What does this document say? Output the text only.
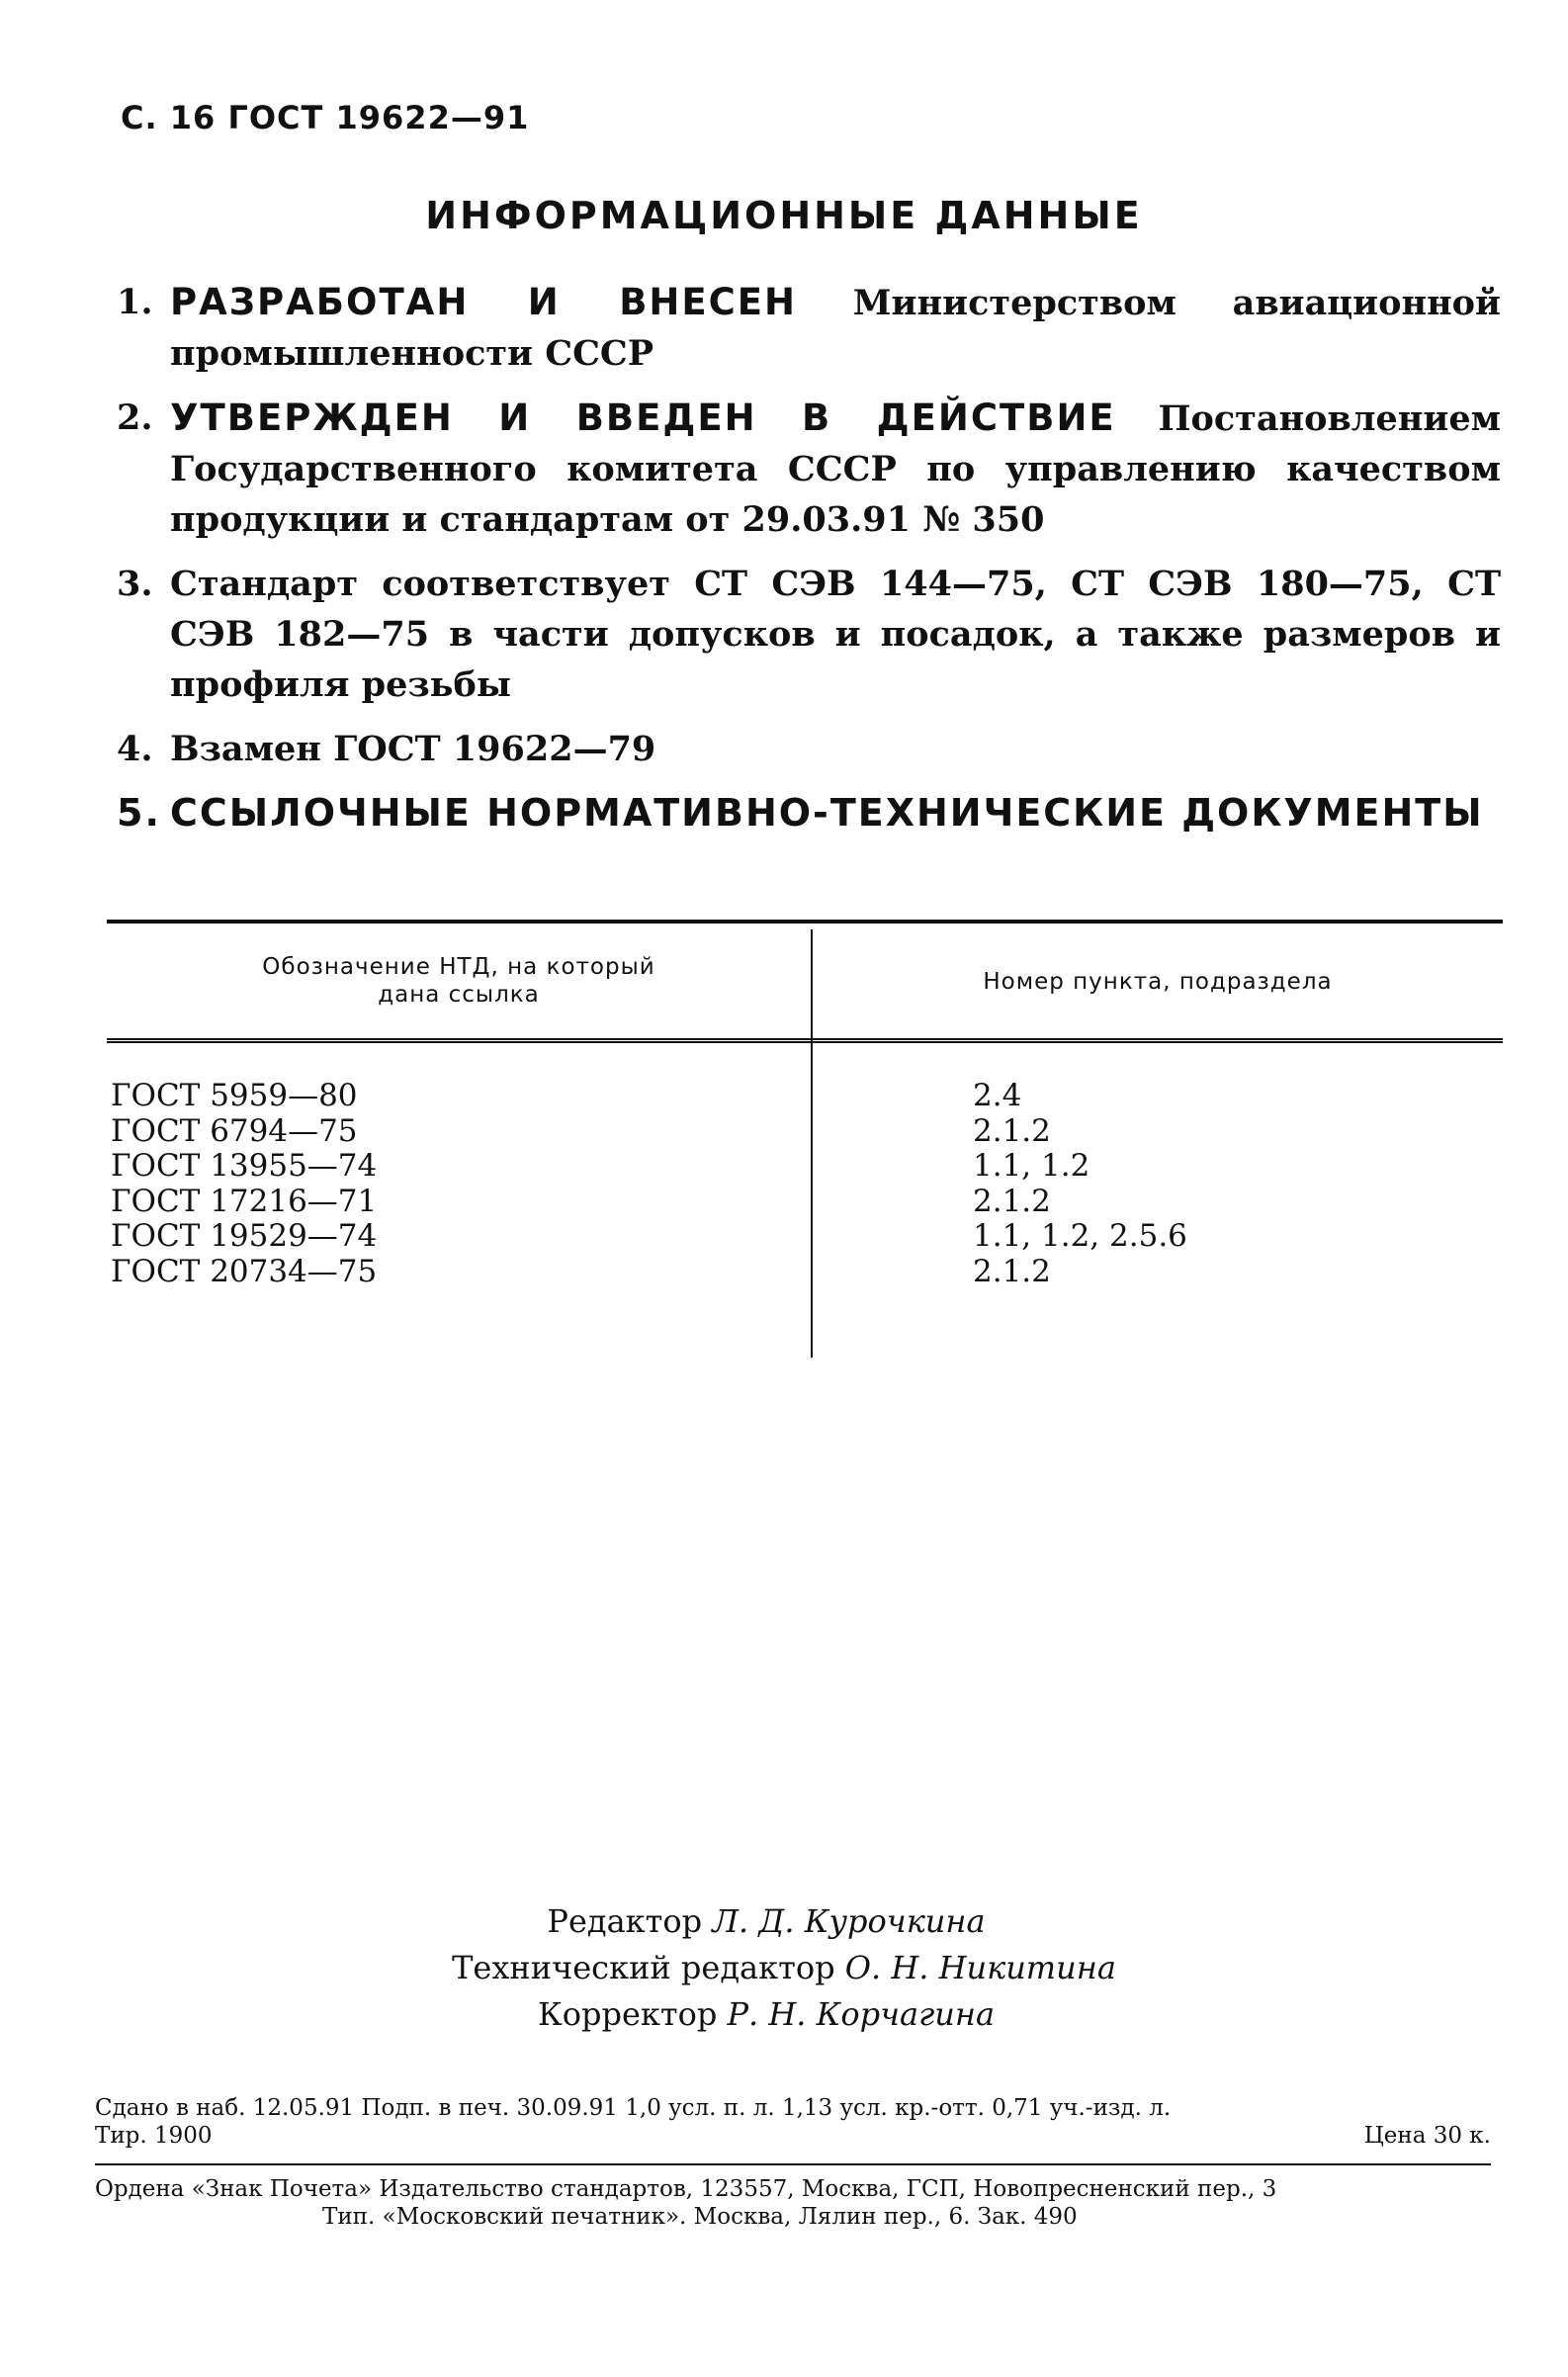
С. 16 ГОСТ 19622—91
ИНФОРМАЦИОННЫЕ ДАННЫЕ
1. РАЗРАБОТАН И ВНЕСЕН Министерством авиационной промышленности СССР
2. УТВЕРЖДЕН И ВВЕДЕН В ДЕЙСТВИЕ Постановлением Государственного комитета СССР по управлению качеством продукции и стандартам от 29.03.91 № 350
3. Стандарт соответствует СТ СЭВ 144—75, СТ СЭВ 180—75, СТ СЭВ 182—75 в части допусков и посадок, а также размеров и профиля резьбы
4. Взамен ГОСТ 19622—79
5. ССЫЛОЧНЫЕ НОРМАТИВНО-ТЕХНИЧЕСКИЕ ДОКУМЕНТЫ
Обозначение НТД, на который
дана ссылка	Номер пункта, подраздела
ГОСТ 5959—80	2.4
ГОСТ 6794—75	2.1.2
ГОСТ 13955—74	1.1, 1.2
ГОСТ 17216—71	2.1.2
ГОСТ 19529—74	1.1, 1.2, 2.5.6
ГОСТ 20734—75	2.1.2
Редактор Л. Д. Курочкина
Технический редактор О. Н. Никитина
Корректор Р. Н. Корчагина
Сдано в наб. 12.05.91 Подп. в печ. 30.09.91 1,0 усл. п. л. 1,13 усл. кр.-отт. 0,71 уч.-изд. л.
Тир. 1900	Цена 30 к.
Ордена «Знак Почета» Издательство стандартов, 123557, Москва, ГСП, Новопресненский пер., 3
Тип. «Московский печатник». Москва, Лялин пер., 6. Зак. 490
